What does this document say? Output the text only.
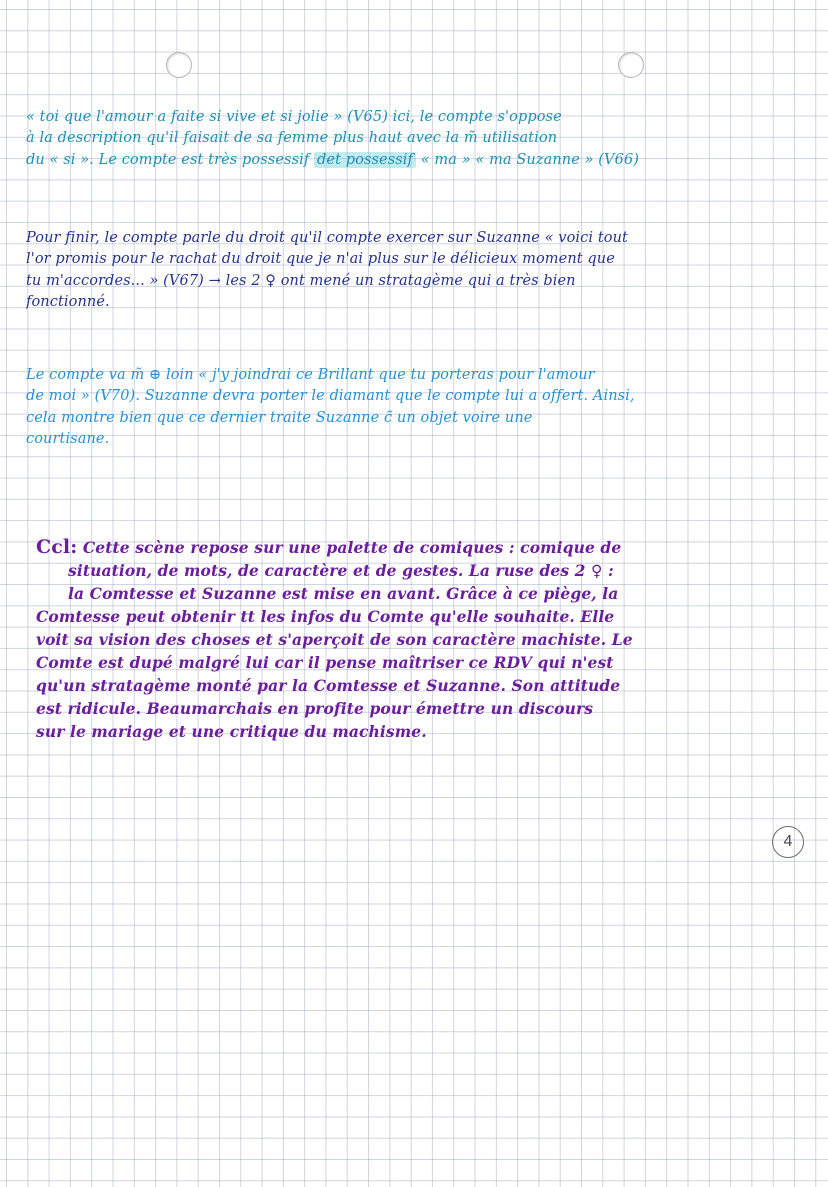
« toi que l'amour a faite si vive et si jolie » (V65) ici, le compte s'oppose
à la description qu'il faisait de sa femme plus haut avec la m̃ utilisation
du « si ». Le compte est très possessif det possessif « ma » « ma Suzanne » (V66)
Pour finir, le compte parle du droit qu'il compte exercer sur Suzanne « voici tout
l'or promis pour le rachat du droit que je n'ai plus sur le délicieux moment que
tu m'accordes... » (V67) → les 2 ♀ ont mené un stratagème qui a très bien
fonctionné.
Le compte va m̃ ⊕ loin « j'y joindrai ce Brillant que tu porteras pour l'amour
de moi » (V70). Suzanne devra porter le diamant que le compte lui a offert. Ainsi,
cela montre bien que ce dernier traite Suzanne c̃ un objet voire une
courtisane.
Ccl: Cette scène repose sur une palette de comiques : comique de
situation, de mots, de caractère et de gestes. La ruse des 2 ♀ :
la Comtesse et Suzanne est mise en avant. Grâce à ce piège, la
Comtesse peut obtenir tt les infos du Comte qu'elle souhaite. Elle
voit sa vision des choses et s'aperçoit de son caractère machiste. Le
Comte est dupé malgré lui car il pense maîtriser ce RDV qui n'est
qu'un stratagème monté par la Comtesse et Suzanne. Son attitude
est ridicule. Beaumarchais en profite pour émettre un discours
sur le mariage et une critique du machisme.
4
